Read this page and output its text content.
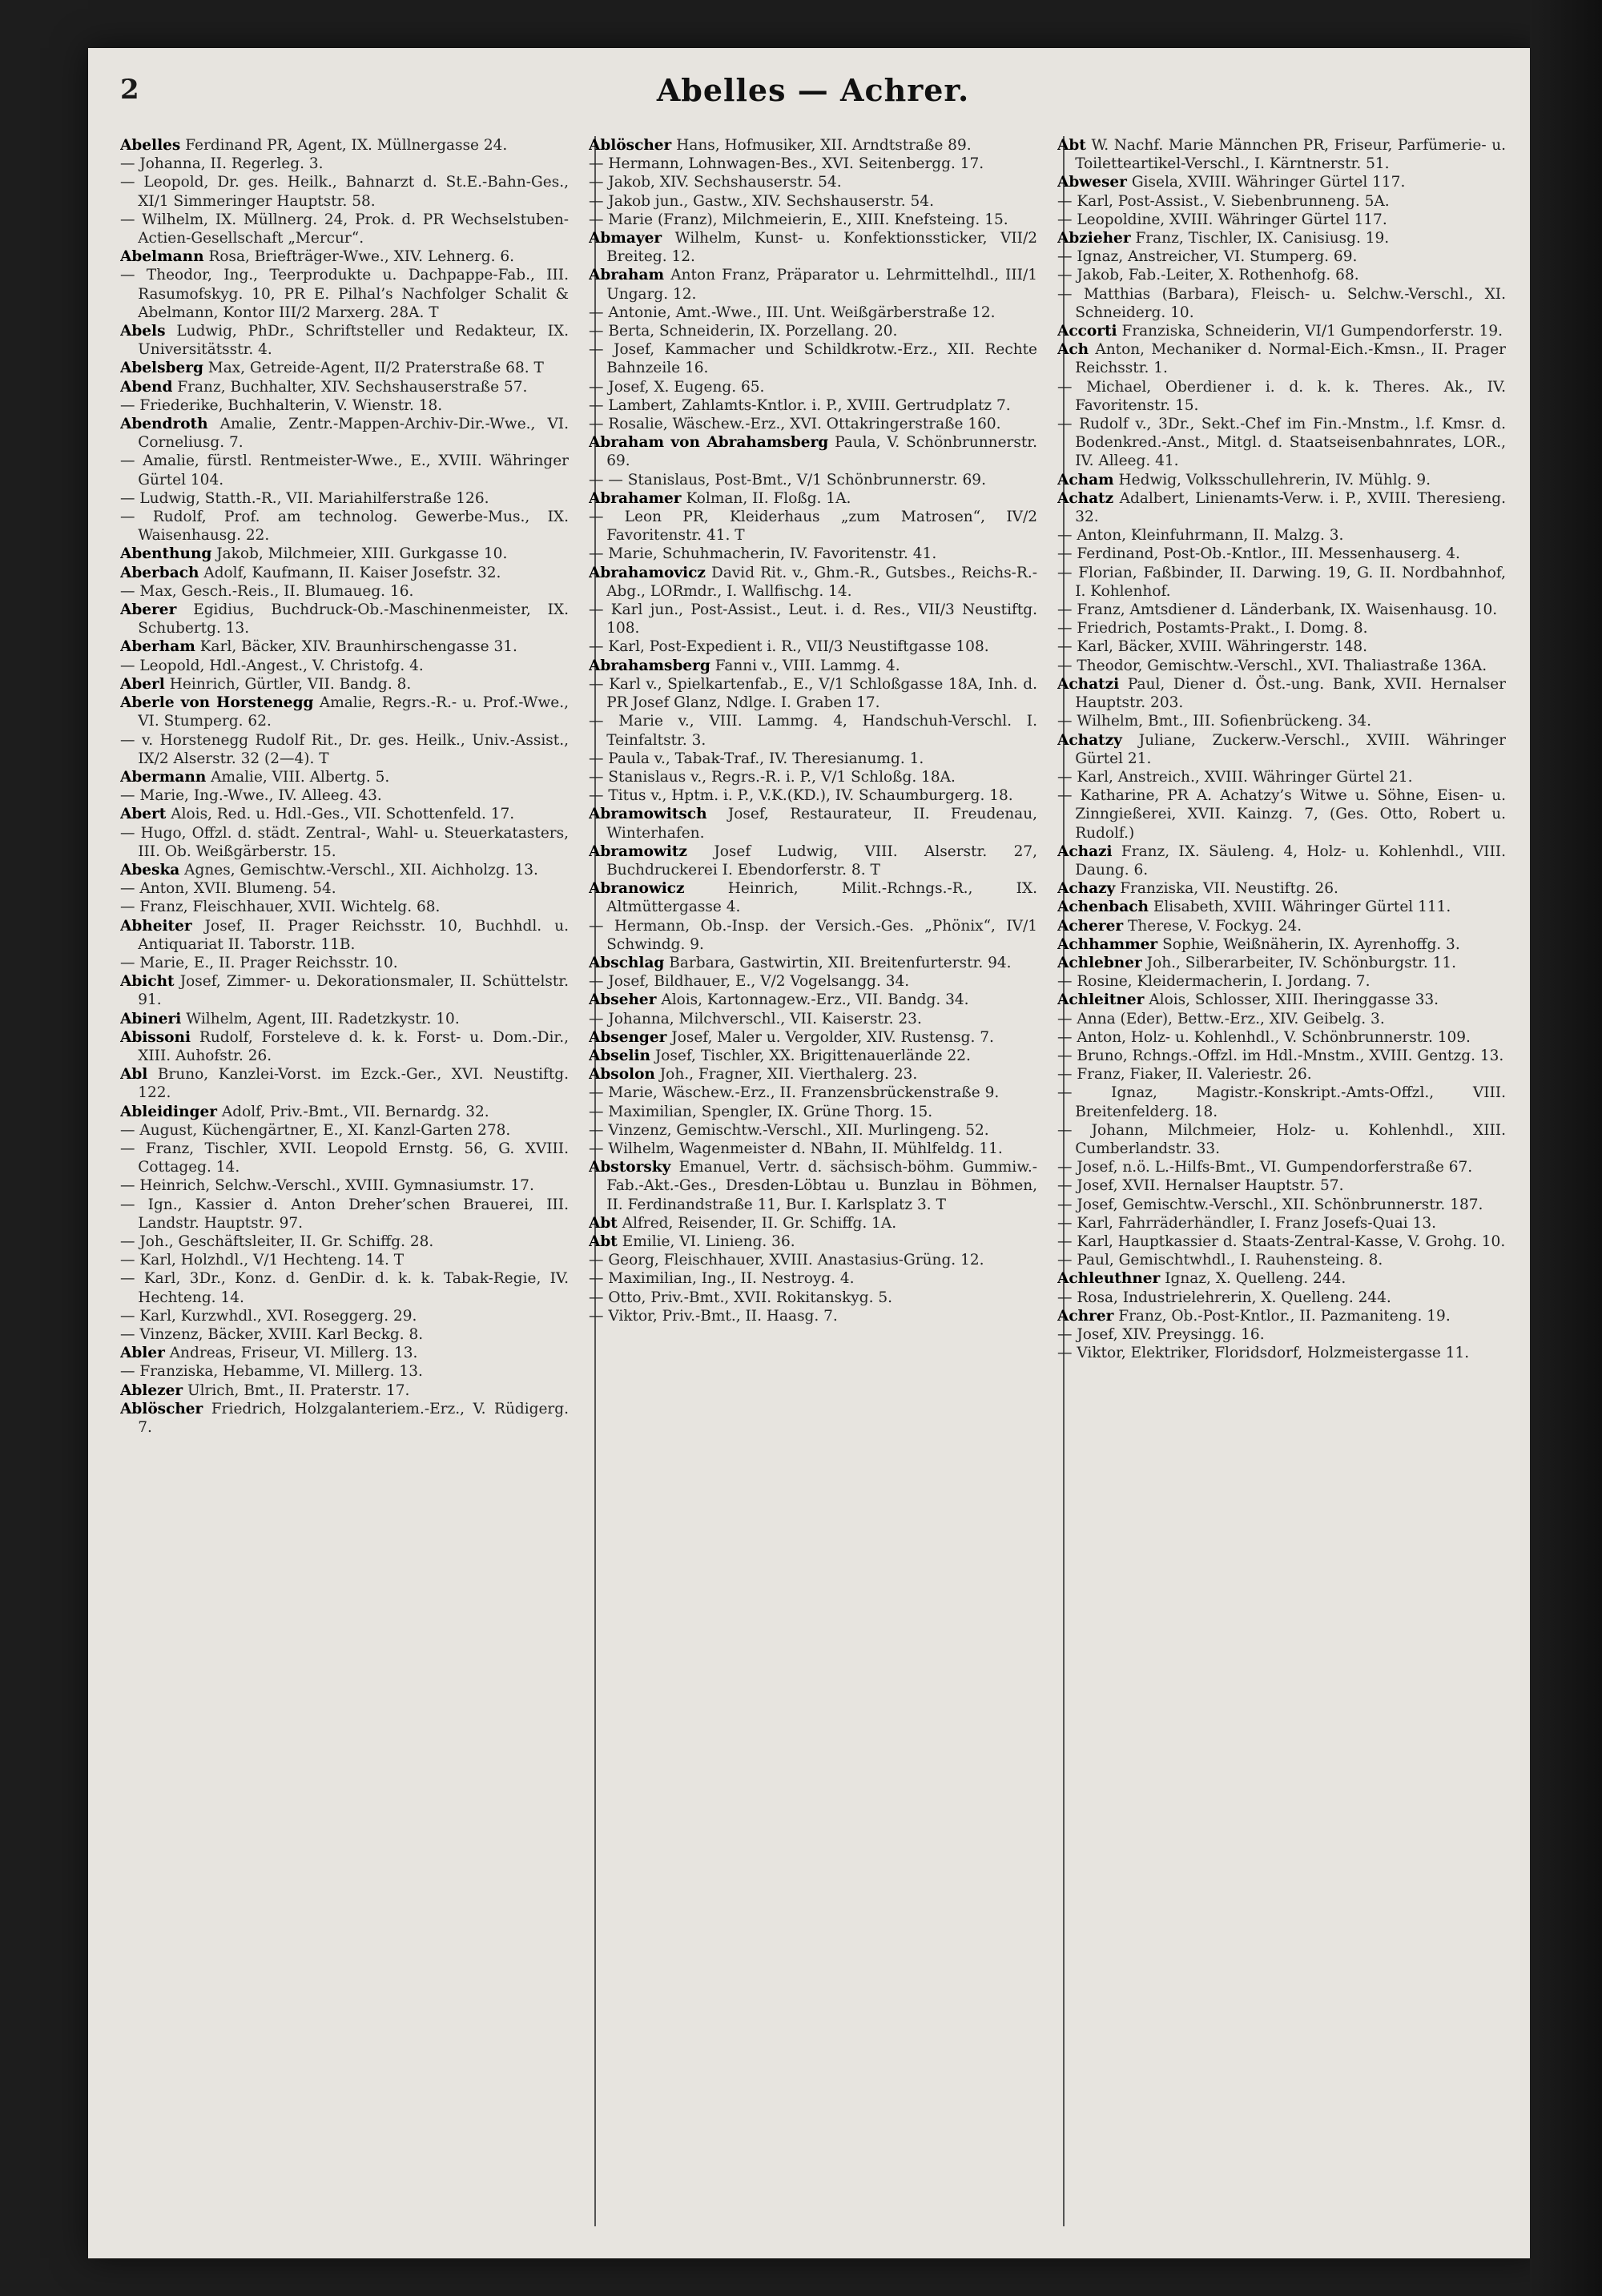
2	Abelles — Achrer.
Abelles Ferdinand PR, Agent, IX. Müllnergasse 24.
— Johanna, II. Regerleg. 3.
— Leopold, Dr. ges. Heilk., Bahnarzt d. St.E.-Bahn-Ges., XI/1 Simmeringer Hauptstr. 58.
— Wilhelm, IX. Müllnerg. 24, Prok. d. PR Wechselstuben-Actien-Gesellschaft „Mercur“.
Abelmann Rosa, Briefträger-Wwe., XIV. Lehnerg. 6.
— Theodor, Ing., Teerprodukte u. Dachpappe-Fab., III. Rasumofskyg. 10, PR E. Pilhal’s Nachfolger Schalit & Abelmann, Kontor III/2 Marxerg. 28A. T
Abels Ludwig, PhDr., Schriftsteller und Redakteur, IX. Universitätsstr. 4.
Abelsberg Max, Getreide-Agent, II/2 Praterstraße 68. T
Abend Franz, Buchhalter, XIV. Sechshauserstraße 57.
— Friederike, Buchhalterin, V. Wienstr. 18.
Abendroth Amalie, Zentr.-Mappen-Archiv-Dir.-Wwe., VI. Corneliusg. 7.
— Amalie, fürstl. Rentmeister-Wwe., E., XVIII. Währinger Gürtel 104.
— Ludwig, Statth.-R., VII. Mariahilferstraße 126.
— Rudolf, Prof. am technolog. Gewerbe-Mus., IX. Waisenhausg. 22.
Abenthung Jakob, Milchmeier, XIII. Gurkgasse 10.
Aberbach Adolf, Kaufmann, II. Kaiser Josefstr. 32.
— Max, Gesch.-Reis., II. Blumaueg. 16.
Aberer Egidius, Buchdruck-Ob.-Maschinenmeister, IX. Schubertg. 13.
Aberham Karl, Bäcker, XIV. Braunhirschengasse 31.
— Leopold, Hdl.-Angest., V. Christofg. 4.
Aberl Heinrich, Gürtler, VII. Bandg. 8.
Aberle von Horstenegg Amalie, Regrs.-R.- u. Prof.-Wwe., VI. Stumperg. 62.
— v. Horstenegg Rudolf Rit., Dr. ges. Heilk., Univ.-Assist., IX/2 Alserstr. 32 (2—4). T
Abermann Amalie, VIII. Albertg. 5.
— Marie, Ing.-Wwe., IV. Alleeg. 43.
Abert Alois, Red. u. Hdl.-Ges., VII. Schottenfeld. 17.
— Hugo, Offzl. d. städt. Zentral-, Wahl- u. Steuerkatasters, III. Ob. Weißgärberstr. 15.
Abeska Agnes, Gemischtw.-Verschl., XII. Aichholzg. 13.
— Anton, XVII. Blumeng. 54.
— Franz, Fleischhauer, XVII. Wichtelg. 68.
Abheiter Josef, II. Prager Reichsstr. 10, Buchhdl. u. Antiquariat II. Taborstr. 11B.
— Marie, E., II. Prager Reichsstr. 10.
Abicht Josef, Zimmer- u. Dekorationsmaler, II. Schüttelstr. 91.
Abineri Wilhelm, Agent, III. Radetzkystr. 10.
Abissoni Rudolf, Forsteleve d. k. k. Forst- u. Dom.-Dir., XIII. Auhofstr. 26.
Abl Bruno, Kanzlei-Vorst. im Ezck.-Ger., XVI. Neustiftg. 122.
Ableidinger Adolf, Priv.-Bmt., VII. Bernardg. 32.
— August, Küchengärtner, E., XI. Kanzl-Garten 278.
— Franz, Tischler, XVII. Leopold Ernstg. 56, G. XVIII. Cottageg. 14.
— Heinrich, Selchw.-Verschl., XVIII. Gymnasiumstr. 17.
— Ign., Kassier d. Anton Dreher’schen Brauerei, III. Landstr. Hauptstr. 97.
— Joh., Geschäftsleiter, II. Gr. Schiffg. 28.
— Karl, Holzhdl., V/1 Hechteng. 14. T
— Karl, 3Dr., Konz. d. GenDir. d. k. k. Tabak-Regie, IV. Hechteng. 14.
— Karl, Kurzwhdl., XVI. Roseggerg. 29.
— Vinzenz, Bäcker, XVIII. Karl Beckg. 8.
Abler Andreas, Friseur, VI. Millerg. 13.
— Franziska, Hebamme, VI. Millerg. 13.
Ablezer Ulrich, Bmt., II. Praterstr. 17.
Ablöscher Friedrich, Holzgalanteriem.-Erz., V. Rüdigerg. 7.
Ablöscher Hans, Hofmusiker, XII. Arndtstraße 89.
— Hermann, Lohnwagen-Bes., XVI. Seitenbergg. 17.
— Jakob, XIV. Sechshauserstr. 54.
— Jakob jun., Gastw., XIV. Sechshauserstr. 54.
— Marie (Franz), Milchmeierin, E., XIII. Knefsteing. 15.
Abmayer Wilhelm, Kunst- u. Konfektionssticker, VII/2 Breiteg. 12.
Abraham Anton Franz, Präparator u. Lehrmittelhdl., III/1 Ungarg. 12.
— Antonie, Amt.-Wwe., III. Unt. Weißgärberstraße 12.
— Berta, Schneiderin, IX. Porzellang. 20.
— Josef, Kammacher und Schildkrotw.-Erz., XII. Rechte Bahnzeile 16.
— Josef, X. Eugeng. 65.
— Lambert, Zahlamts-Kntlor. i. P., XVIII. Gertrudplatz 7.
— Rosalie, Wäschew.-Erz., XVI. Ottakringerstraße 160.
Abraham von Abrahamsberg Paula, V. Schönbrunnerstr. 69.
— — Stanislaus, Post-Bmt., V/1 Schönbrunnerstr. 69.
Abrahamer Kolman, II. Floßg. 1A.
— Leon PR, Kleiderhaus „zum Matrosen“, IV/2 Favoritenstr. 41. T
— Marie, Schuhmacherin, IV. Favoritenstr. 41.
Abrahamovicz David Rit. v., Ghm.-R., Gutsbes., Reichs-R.-Abg., LORmdr., I. Wallfischg. 14.
— Karl jun., Post-Assist., Leut. i. d. Res., VII/3 Neustiftg. 108.
— Karl, Post-Expedient i. R., VII/3 Neustiftgasse 108.
Abrahamsberg Fanni v., VIII. Lammg. 4.
— Karl v., Spielkartenfab., E., V/1 Schloßgasse 18A, Inh. d. PR Josef Glanz, Ndlge. I. Graben 17.
— Marie v., VIII. Lammg. 4, Handschuh-Verschl. I. Teinfaltstr. 3.
— Paula v., Tabak-Traf., IV. Theresianumg. 1.
— Stanislaus v., Regrs.-R. i. P., V/1 Schloßg. 18A.
— Titus v., Hptm. i. P., V.K.(KD.), IV. Schaumburgerg. 18.
Abramowitsch Josef, Restaurateur, II. Freudenau, Winterhafen.
Abramowitz Josef Ludwig, VIII. Alserstr. 27, Buchdruckerei I. Ebendorferstr. 8. T
Abranowicz	Heinrich, Milit.-Rchngs.-R., IX. Altmüttergasse 4.
— Hermann, Ob.-Insp. der Versich.-Ges. „Phönix“, IV/1 Schwindg. 9.
Abschlag Barbara, Gastwirtin, XII. Breitenfurterstr. 94.
— Josef, Bildhauer, E., V/2 Vogelsangg. 34.
Abseher Alois, Kartonnagew.-Erz., VII. Bandg. 34.
— Johanna, Milchverschl., VII. Kaiserstr. 23.
Absenger Josef, Maler u. Vergolder, XIV. Rustensg. 7.
Abselin Josef, Tischler, XX. Brigittenauerlände 22.
Absolon Joh., Fragner, XII. Vierthalerg. 23.
— Marie, Wäschew.-Erz., II. Franzensbrückenstraße 9.
— Maximilian, Spengler, IX. Grüne Thorg. 15.
— Vinzenz, Gemischtw.-Verschl., XII. Murlingeng. 52.
— Wilhelm, Wagenmeister d. NBahn, II. Mühlfeldg. 11.
Abstorsky Emanuel, Vertr. d. sächsisch-böhm. Gummiw.-Fab.-Akt.-Ges., Dresden-Löbtau u. Bunzlau in Böhmen, II. Ferdinandstraße 11, Bur. I. Karlsplatz 3. T
Abt Alfred, Reisender, II. Gr. Schiffg. 1A.
Abt Emilie, VI. Linieng. 36.
— Georg, Fleischhauer, XVIII. Anastasius-Grüng. 12.
— Maximilian, Ing., II. Nestroyg. 4.
— Otto, Priv.-Bmt., XVII. Rokitanskyg. 5.
— Viktor, Priv.-Bmt., II. Haasg. 7.
Abt W. Nachf. Marie Männchen PR, Friseur, Parfümerie- u. Toiletteartikel-Verschl., I. Kärntnerstr. 51.
Abweser Gisela, XVIII. Währinger Gürtel 117.
— Karl, Post-Assist., V. Siebenbrunneng. 5A.
— Leopoldine, XVIII. Währinger Gürtel 117.
Abzieher Franz, Tischler, IX. Canisiusg. 19.
— Ignaz, Anstreicher, VI. Stumperg. 69.
— Jakob, Fab.-Leiter, X. Rothenhofg. 68.
— Matthias (Barbara), Fleisch- u. Selchw.-Verschl., XI. Schneiderg. 10.
Accorti Franziska, Schneiderin, VI/1 Gumpendorferstr. 19.
Ach Anton, Mechaniker d. Normal-Eich.-Kmsn., II. Prager Reichsstr. 1.
— Michael, Oberdiener i. d. k. k. Theres. Ak., IV. Favoritenstr. 15.
— Rudolf v., 3Dr., Sekt.-Chef im Fin.-Mnstm., l.f. Kmsr. d. Bodenkred.-Anst., Mitgl. d. Staatseisenbahnrates, LOR., IV. Alleeg. 41.
Acham Hedwig, Volksschullehrerin, IV. Mühlg. 9.
Achatz Adalbert, Linienamts-Verw. i. P., XVIII. Theresieng. 32.
— Anton, Kleinfuhrmann, II. Malzg. 3.
— Ferdinand, Post-Ob.-Kntlor., III. Messenhauserg. 4.
— Florian, Faßbinder, II. Darwing. 19, G. II. Nordbahnhof, I. Kohlenhof.
— Franz, Amtsdiener d. Länderbank, IX. Waisenhausg. 10.
— Friedrich, Postamts-Prakt., I. Domg. 8.
— Karl, Bäcker, XVIII. Währingerstr. 148.
— Theodor, Gemischtw.-Verschl., XVI. Thaliastraße 136A.
Achatzi Paul, Diener d. Öst.-ung. Bank, XVII. Hernalser Hauptstr. 203.
— Wilhelm, Bmt., III. Sofienbrückeng. 34.
Achatzy Juliane, Zuckerw.-Verschl., XVIII. Währinger Gürtel 21.
— Karl, Anstreich., XVIII. Währinger Gürtel 21.
— Katharine, PR A. Achatzy’s Witwe u. Söhne, Eisen- u. Zinngießerei, XVII. Kainzg. 7, (Ges. Otto, Robert u. Rudolf.)
Achazi Franz, IX. Säuleng. 4, Holz- u. Kohlenhdl., VIII. Daung. 6.
Achazy Franziska, VII. Neustiftg. 26.
Achenbach Elisabeth, XVIII. Währinger Gürtel 111.
Acherer Therese, V. Fockyg. 24.
Achhammer Sophie, Weißnäherin, IX. Ayrenhoffg. 3.
Achlebner Joh., Silberarbeiter, IV. Schönburgstr. 11.
— Rosine, Kleidermacherin, I. Jordang. 7.
Achleitner Alois, Schlosser, XIII. Iheringgasse 33.
— Anna (Eder), Bettw.-Erz., XIV. Geibelg. 3.
— Anton, Holz- u. Kohlenhdl., V. Schönbrunnerstr. 109.
— Bruno, Rchngs.-Offzl. im Hdl.-Mnstm., XVIII. Gentzg. 13.
— Franz, Fiaker, II. Valeriestr. 26.
— Ignaz, Magistr.-Konskript.-Amts-Offzl., VIII. Breitenfelderg. 18.
— Johann, Milchmeier, Holz- u. Kohlenhdl., XIII. Cumberlandstr. 33.
— Josef, n.ö. L.-Hilfs-Bmt., VI. Gumpendorferstraße 67.
— Josef, XVII. Hernalser Hauptstr. 57.
— Josef, Gemischtw.-Verschl., XII. Schönbrunnerstr. 187.
— Karl, Fahrräderhändler, I. Franz Josefs-Quai 13.
— Karl, Hauptkassier d. Staats-Zentral-Kasse, V. Grohg. 10.
— Paul, Gemischtwhdl., I. Rauhensteing. 8.
Achleuthner Ignaz, X. Quelleng. 244.
— Rosa, Industrielehrerin, X. Quelleng. 244.
Achrer Franz, Ob.-Post-Kntlor., II. Pazmaniteng. 19.
— Josef, XIV. Preysingg. 16.
— Viktor, Elektriker, Floridsdorf, Holzmeistergasse 11.
